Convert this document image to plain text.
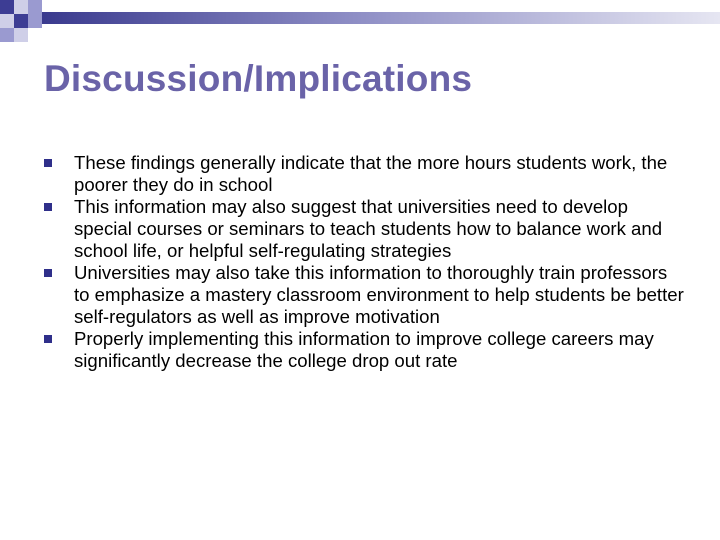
Discussion/Implications
These findings generally indicate that the more hours students work, the poorer they do in school
This information may also suggest that universities need to develop special courses or seminars to teach students how to balance work and school life, or helpful self-regulating strategies
Universities may also take this information to thoroughly train professors to emphasize a mastery classroom environment to help students be better self-regulators as well as improve motivation
Properly implementing this information to improve college careers may significantly decrease the college drop out rate
